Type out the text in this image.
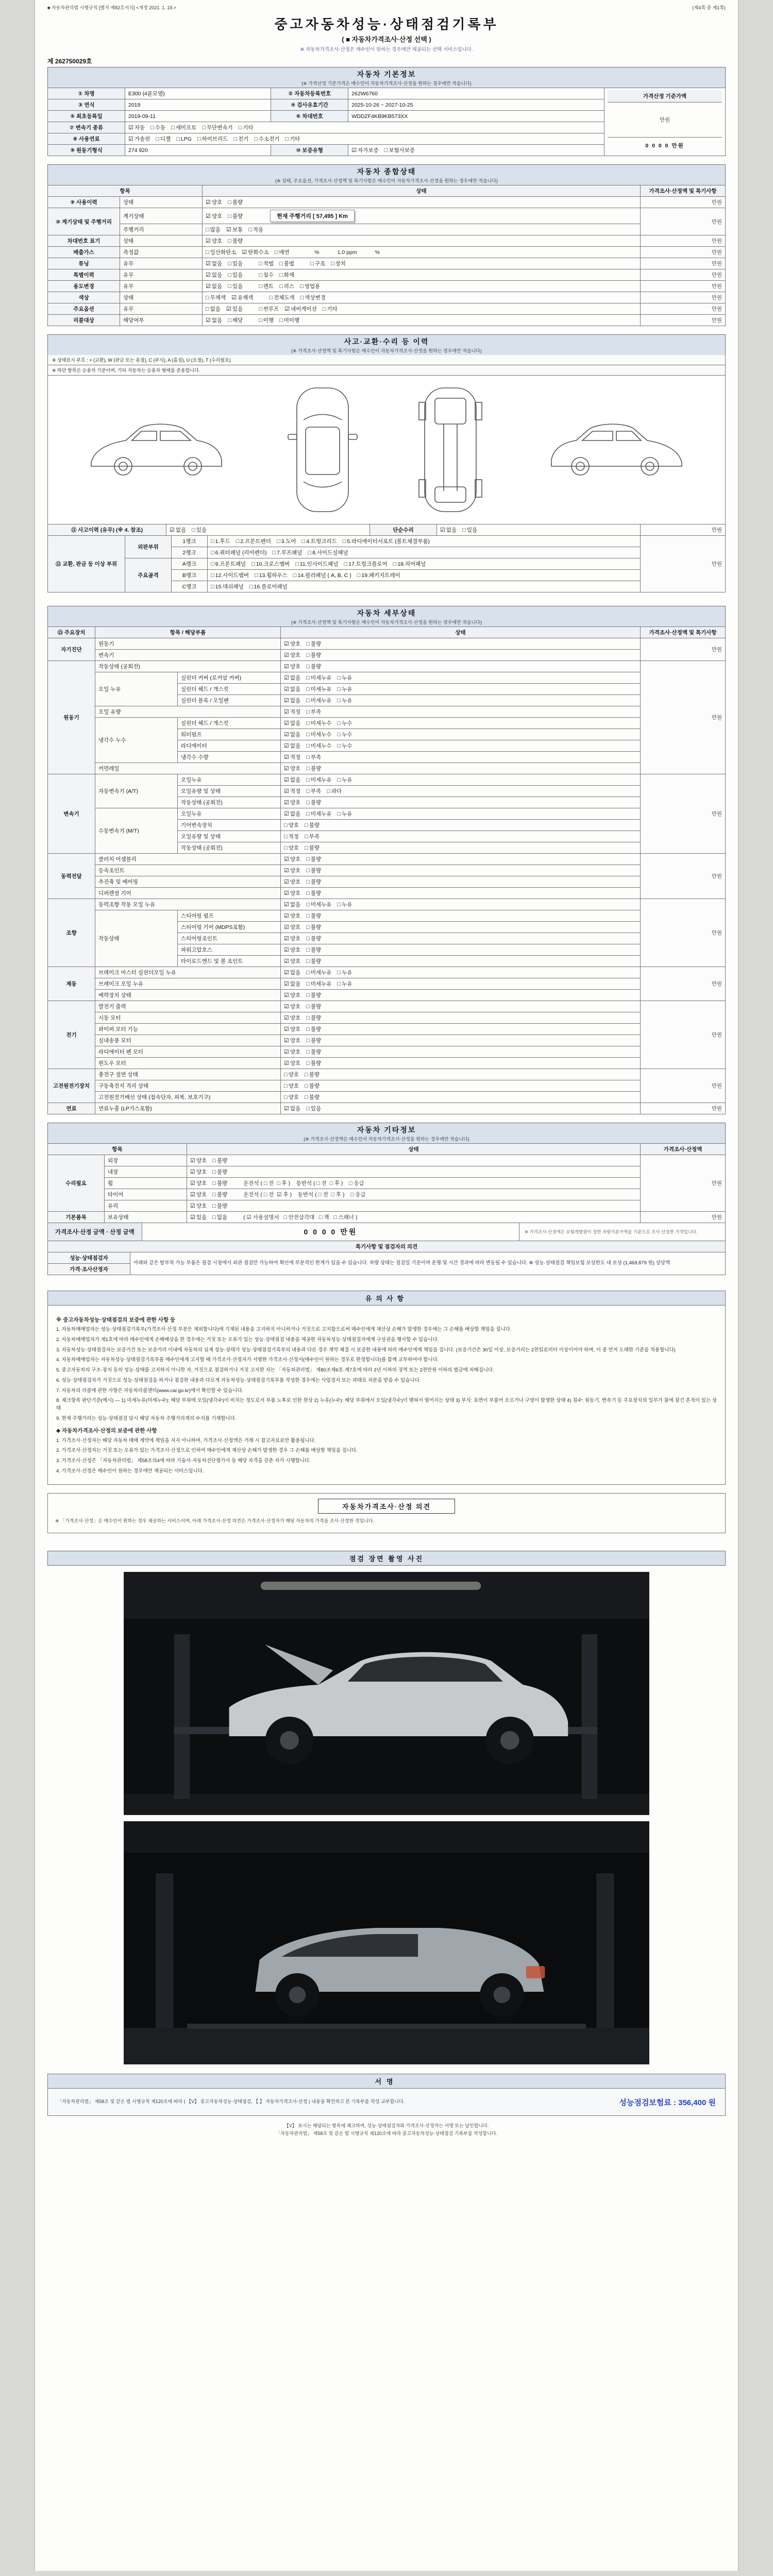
■ 자동차관리법 시행규칙 [별지 제82호서식] <개정 2021. 1. 19.>	(제4쪽 중 제1쪽)
중고자동차성능·상태점검기록부
( ■ 자동차가격조사·산정 선택 )
※ 자동차가격조사·산정은 매수인이 원하는 경우에만 제공되는 선택 서비스입니다.
제 262750029호
자동차 기본정보
(※ 가격산정 기준가격은 매수인이 자동차가격조사·산정을 원하는 경우에만 적습니다)
① 차명	E300 (4륜모델)	② 자동차등록번호	262W6760	가격산정 기준가액
만원
0 0 0 0 만원

③ 연식	2019	④ 검사유효기간	2025-10-26 ~ 2027-10-25	
⑤ 최초등록일	2019-09-11	⑥ 차대번호	WDDZF4KB9KB573XX	
⑦ 변속기 종류	☑ 자동 □ 수동 □ 세미오토 □ 무단변속기 □ 기타			
⑧ 사용연료	☑ 가솔린 □ 디젤 □ LPG □ 하이브리드 □ 전기 □ 수소전기 □ 기타			
⑨ 원동기형식	274 920	⑩ 보증유형	☑ 자가보증 □ 보험사보증	
자동차 종합상태
(※ 상태, 주요옵션, 가격조사·산정액 및 특기사항은 매수인이 자동차가격조사·산정을 원하는 경우에만 적습니다)
항목		상태	가격조사·산정액 및 특기사항
⑨ 사용이력	상태	☑ 양호 □ 불량	만원
⑩ 계기상태 및 주행거리	계기상태	☑ 양호 □ 불량 현재 주행거리 [ 57,495 ] Km	만원
	주행거리	□ 많음 ☑ 보통 □ 적음	
차대번호 표기	상태	☑ 양호 □ 불량	만원
배출가스	측정값	□ 일산화탄소 ☑ 탄화수소 □ 매연 %            1.0 ppm            %	만원
튜닝	유무	☑ 없음 □ 있음 □ 적법 □ 불법 □ 구조 □ 장치	만원
특별이력	유무	☑ 없음 □ 있음 □ 침수 □ 화재	만원
용도변경	유무	☑ 없음 □ 있음 □ 렌트 □ 리스 □ 영업용	만원
색상	상태	□ 무채색 ☑ 유채색 □ 전체도색 □ 색상변경	만원
주요옵션	유무	□ 없음 ☑ 있음 □ 썬루프 ☑ 네비게이션 □ 기타	만원
리콜대상	해당여부	☑ 없음 □ 해당 □ 이행 □ 미이행	만원
사고·교환·수리 등 이력
(※ 가격조사·산정액 및 특기사항은 매수인이 자동차가격조사·산정을 원하는 경우에만 적습니다)
※ 상태표시 부호 : × (교환), W (판금 또는 용접), C (부식), A (흠집), U (요철), T (수리필요)
※ 하단 항목은 승용차 기준이며, 기타 자동차는 승용차 형태를 준용합니다.
⑪ 사고이력 (유무) (※ 4. 참조)	☑ 없음 □ 있음	단순수리	☑ 없음 □ 있음	만원
⑫ 교환, 판금 등 이상 부위	외판부위	1랭크	□ 1.후드 □ 2.프론트펜더 □ 3.도어 □ 4.트렁크리드 □ 5.라디에이터서포트 (볼트체결부품)	만원
		2랭크	□ 6.쿼터패널 (리어펜더) □ 7.루프패널 □ 8.사이드실패널	
	주요골격	A랭크	□ 9.프론트패널 □ 10.크로스멤버 □ 11.인사이드패널 □ 17.트렁크플로어 □ 18.리어패널	
		B랭크	□ 12.사이드멤버 □ 13.휠하우스 □ 14.필러패널 ( A, B, C ) □ 19.패키지트레이	
		C랭크	□ 15.대쉬패널 □ 16.플로어패널	
자동차 세부상태
(※ 가격조사·산정액 및 특기사항은 매수인이 자동차가격조사·산정을 원하는 경우에만 적습니다)
⑬ 주요장치	항목 / 해당부품		상태	가격조사·산정액 및 특기사항
자기진단	원동기		☑ 양호 □ 불량	만원
	변속기		☑ 양호 □ 불량	
원동기	작동상태 (공회전)		☑ 양호 □ 불량	만원
	오일 누유	실린더 커버 (로커암 커버)	☑ 없음 □ 미세누유 □ 누유	
		실린더 헤드 / 개스킷	☑ 없음 □ 미세누유 □ 누유	
		실린더 블록 / 오일팬	☑ 없음 □ 미세누유 □ 누유	
	오일 유량		☑ 적정 □ 부족	
	냉각수 누수	실린더 헤드 / 개스킷	☑ 없음 □ 미세누수 □ 누수	
		워터펌프	☑ 없음 □ 미세누수 □ 누수	
		라디에이터	☑ 없음 □ 미세누수 □ 누수	
		냉각수 수량	☑ 적정 □ 부족	
	커먼레일		☑ 양호 □ 불량	
변속기	자동변속기 (A/T)	오일누유	☑ 없음 □ 미세누유 □ 누유	만원
		오일유량 및 상태	☑ 적정 □ 부족 □ 과다	
		작동상태 (공회전)	☑ 양호 □ 불량	
	수동변속기 (M/T)	오일누유	☑ 없음 □ 미세누유 □ 누유	
		기어변속장치	□ 양호 □ 불량	
		오일유량 및 상태	□ 적정 □ 부족	
		작동상태 (공회전)	□ 양호 □ 불량	
동력전달	클러치 어셈블리		☑ 양호 □ 불량	만원
	등속조인트		☑ 양호 □ 불량	
	추진축 및 베어링		☑ 양호 □ 불량	
	디퍼렌셜 기어		☑ 양호 □ 불량	
조향	동력조향 작동 오일 누유		☑ 없음 □ 미세누유 □ 누유	만원
	작동상태	스티어링 펌프	☑ 양호 □ 불량	
		스티어링 기어 (MDPS포함)	☑ 양호 □ 불량	
		스티어링조인트	☑ 양호 □ 불량	
		파워고압호스	☑ 양호 □ 불량	
		타이로드엔드 및 볼 조인트	☑ 양호 □ 불량	
제동	브레이크 마스터 실린더오일 누유		☑ 없음 □ 미세누유 □ 누유	만원
	브레이크 오일 누유		☑ 없음 □ 미세누유 □ 누유	
	배력장치 상태		☑ 양호 □ 불량	
전기	발전기 출력		☑ 양호 □ 불량	만원
	시동 모터		☑ 양호 □ 불량	
	와이퍼 모터 기능		☑ 양호 □ 불량	
	실내송풍 모터		☑ 양호 □ 불량	
	라디에이터 팬 모터		☑ 양호 □ 불량	
	윈도우 모터		☑ 양호 □ 불량	
고전원전기장치	충전구 절연 상태		□ 양호 □ 불량	만원
	구동축전지 격리 상태		□ 양호 □ 불량	
	고전원전기배선 상태 (접속단자, 피복, 보호기구)		□ 양호 □ 불량	
연료	연료누출 (LP가스포함)		☑ 없음 □ 있음	만원
자동차 기타정보
(※ 가격조사·산정액은 매수인이 자동차가격조사·산정을 원하는 경우에만 적습니다)
항목		상태	가격조사·산정액
수리필요	외장	☑ 양호 □ 불량	만원
	내장	☑ 양호 □ 불량	
	휠	☑ 양호 □ 불량 운전석 ( □ 전  □ 후 )    동반석 ( □ 전  □ 후 )    □ 응급	
	타이어	☑ 양호 □ 불량 운전석 ( □ 전  ☑ 후 )    동반석 ( □ 전  □ 후 )    □ 응급	
	유리	☑ 양호 □ 불량	
기본품목	보유상태	☑ 있음 □ 없음 ( ☑ 사용설명서   □ 안전삼각대   □ 잭   □ 스패너 )	만원
가격조사·산정 금액 · 산정 금액	0 0 0 0 만원	※ 가격조사·산정액은 보험개발원이 정한 차량기준가액을 기준으로 조사·산정한 가격입니다.
특기사항 및 점검자의 의견
성능·상태점검자	아래와 같은 탈부착 가능 부품은 점검 시점에서 외관 점검만 가능하여 확인에 부분적인 한계가 있을 수 있습니다. 차량 상태는 점검일 기준이며 운행 및 시간 경과에 따라 변동될 수 있습니다. ※ 성능·상태점검 책임보험 보상한도 내 보상 (1,469,879 원) 상당액
가격·조사산정자
유의사항
※ 중고자동차성능·상태점검의 보증에 관한 사항 등
1. 자동차매매업자는 성능·상태점검기록부(가격조사·산정 부분은 제외합니다)에 기재된 내용을 고지하지 아니하거나 거짓으로 고지함으로써 매수인에게 재산상 손해가 발생한 경우에는 그 손해를 배상할 책임을 집니다.
2. 자동차매매업자가 제1호에 따라 매수인에게 손해배상을 한 경우에는 거짓 또는 오류가 있는 성능·상태점검 내용을 제공한 자동차성능·상태점검자에게 구상권을 행사할 수 있습니다.
3. 자동차성능·상태점검자는 보증기간 또는 보증거리 이내에 자동차의 실제 성능·상태가 성능·상태점검기록부의 내용과 다른 경우 계약 체결 시 보증한 내용에 따라 매수인에게 책임을 집니다. (보증기간은 30일 이상, 보증거리는 2천킬로미터 이상이어야 하며, 이 중 먼저 도래한 기준을 적용합니다)
4. 자동차매매업자는 자동차성능·상태점검기록부를 매수인에게 고지할 때 가격조사·산정자가 서명한 가격조사·산정서(매수인이 원하는 경우로 한정합니다)를 함께 교부하여야 합니다.
5. 중고자동차의 구조·장치 등의 성능·상태를 고지하지 아니한 자, 거짓으로 점검하거나 거짓 고지한 자는 「자동차관리법」 제80조제6호·제7호에 따라 2년 이하의 징역 또는 2천만원 이하의 벌금에 처해집니다.
6. 성능·상태점검자가 거짓으로 성능·상태점검을 하거나 점검한 내용과 다르게 자동차성능·상태점검기록부를 작성한 경우에는 사업정지 또는 과태료 처분을 받을 수 있습니다.
7. 자동차의 리콜에 관한 사항은 자동차리콜센터(www.car.go.kr)에서 확인할 수 있습니다.
8. 체크항목 판단기준(예시) — 1) 미세누유(미세누수): 해당 부위에 오일(냉각수)이 비치는 정도로서 부품 노후로 인한 현상 2) 누유(누수): 해당 부위에서 오일(냉각수)이 맺혀서 떨어지는 상태 3) 부식: 표면이 부풀어 오르거나 구멍이 발생한 상태 4) 침수: 원동기, 변속기 등 주요장치의 일부가 물에 잠긴 흔적이 있는 상태
9. 현재 주행거리는 성능·상태점검 당시 해당 자동차 주행거리계의 수치를 기재합니다.
◆ 자동차가격조사·산정의 보증에 관한 사항
1. 가격조사·산정자는 해당 자동차 매매 계약에 책임을 지지 아니하며, 가격조사·산정액은 거래 시 참고자료로만 활용됩니다.
2. 가격조사·산정자는 거짓 또는 오류가 있는 가격조사·산정으로 인하여 매수인에게 재산상 손해가 발생한 경우 그 손해를 배상할 책임을 집니다.
3. 가격조사·산정은 「자동차관리법」 제58조의4에 따라 기술사·자동차진단평가사 등 해당 자격을 갖춘 자가 시행합니다.
4. 가격조사·산정은 매수인이 원하는 경우에만 제공되는 서비스입니다.
자동차가격조사·산정 의견
※ 「가격조사·산정」은 매수인이 원하는 경우 제공하는 서비스이며, 아래 가격조사·산정 의견은 가격조사·산정자가 해당 자동차의 가격을 조사·산정한 것입니다.
점검 장면 촬영 사진
서명
「자동차관리법」 제58조 및 같은 법 시행규칙 제120조에 따라 ( 【V】 중고자동차성능·상태점검, 【 】 자동차가격조사·산정 ) 내용을 확인하고 본 기록부를 작성·교부합니다.	성능점검보험료 : 356,400 원
【V】 표시는 해당되는 항목에 체크하며, 성능·상태점검자와 가격조사·산정자는 서명 또는 날인합니다.
「자동차관리법」 제58조 및 같은 법 시행규칙 제120조에 따라 중고자동차성능·상태점검 기록부를 작성합니다.
